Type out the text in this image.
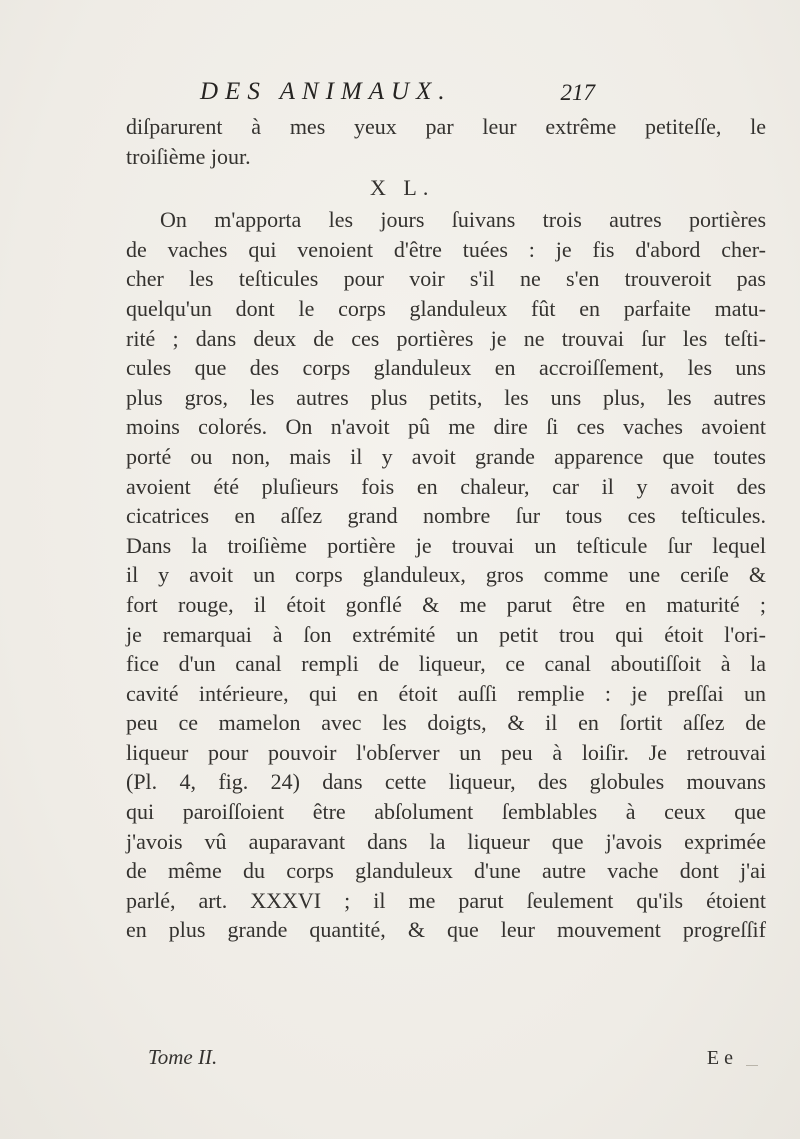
DES ANIMAUX.	217
diſparurent à mes yeux par leur extrême petiteſſe, le
troiſième jour.
X L.
On m'apporta les jours ſuivans trois autres portières
de vaches qui venoient d'être tuées : je fis d'abord cher-
cher les teſticules pour voir s'il ne s'en trouveroit pas
quelqu'un dont le corps glanduleux fût en parfaite matu-
rité ; dans deux de ces portières je ne trouvai ſur les teſti-
cules que des corps glanduleux en accroiſſement, les uns
plus gros, les autres plus petits, les uns plus, les autres
moins colorés. On n'avoit pû me dire ſi ces vaches avoient
porté ou non, mais il y avoit grande apparence que toutes
avoient été pluſieurs fois en chaleur, car il y avoit des
cicatrices en aſſez grand nombre ſur tous ces teſticules.
Dans la troiſième portière je trouvai un teſticule ſur lequel
il y avoit un corps glanduleux, gros comme une ceriſe &
fort rouge, il étoit gonflé & me parut être en maturité ;
je remarquai à ſon extrémité un petit trou qui étoit l'ori-
fice d'un canal rempli de liqueur, ce canal aboutiſſoit à la
cavité intérieure, qui en étoit auſſi remplie : je preſſai un
peu ce mamelon avec les doigts, & il en ſortit aſſez de
liqueur pour pouvoir l'obſerver un peu à loiſir. Je retrouvai
(Pl. 4, fig. 24) dans cette liqueur, des globules mouvans
qui paroiſſoient être abſolument ſemblables à ceux que
j'avois vû auparavant dans la liqueur que j'avois exprimée
de même du corps glanduleux d'une autre vache dont j'ai
parlé, art. XXXVI ; il me parut ſeulement qu'ils étoient
en plus grande quantité, & que leur mouvement progreſſif
Tome II.	E e
